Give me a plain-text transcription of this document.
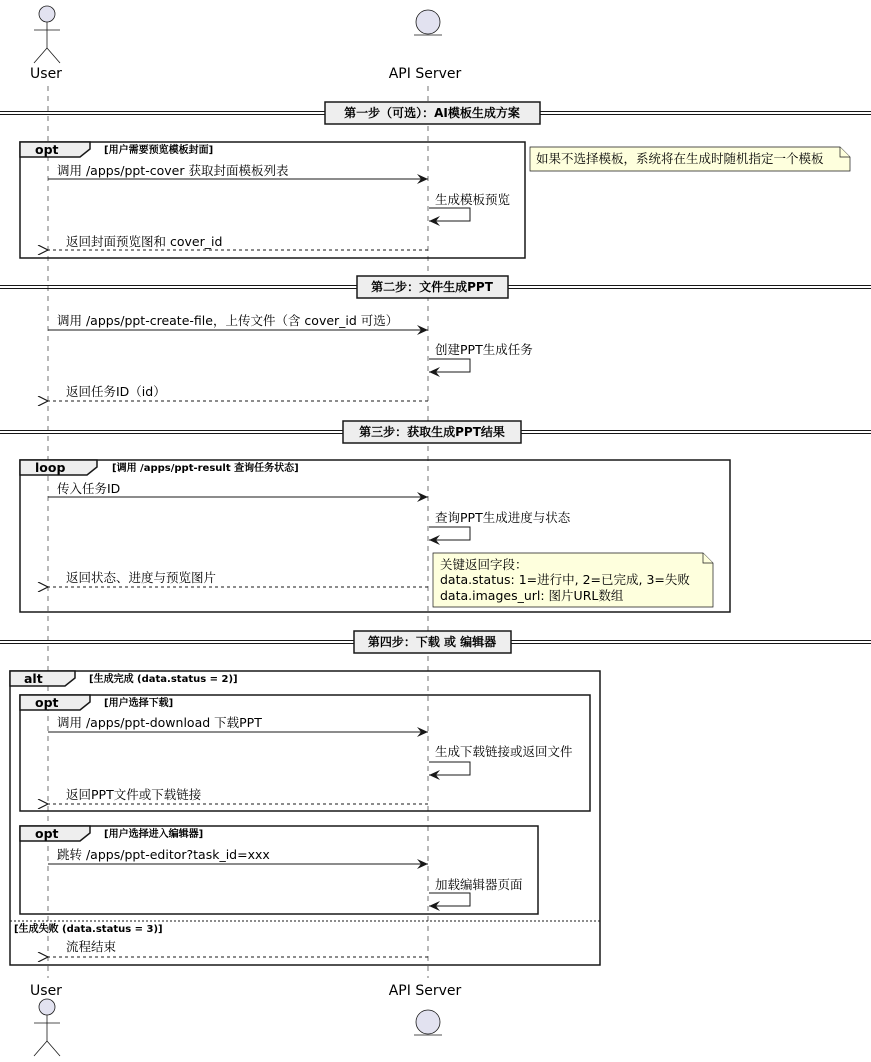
User	API Server
第一步（可选）：AI模板生成方案
opt	[用户需要预览模板封面]
调用 /apps/ppt-cover 获取封面模板列表
生成模板预览
返回封面预览图和 cover_id
如果不选择模板，系统将在生成时随机指定一个模板
第二步：文件生成PPT
调用 /apps/ppt-create-file，上传文件（含 cover_id 可选）
创建PPT生成任务
返回任务ID（id）
第三步：获取生成PPT结果
loop	[调用 /apps/ppt-result 查询任务状态]
传入任务ID
查询PPT生成进度与状态
返回状态、进度与预览图片
关键返回字段：
data.status: 1=进行中, 2=已完成, 3=失败
data.images_url: 图片URL数组
第四步：下载 或 编辑器
alt	[生成完成 (data.status = 2)]
[生成失败 (data.status = 3)]
opt	[用户选择下载]
调用 /apps/ppt-download 下载PPT
生成下载链接或返回文件
返回PPT文件或下载链接
opt	[用户选择进入编辑器]
跳转 /apps/ppt-editor?task_id=xxx
加载编辑器页面
流程结束
User	API Server
